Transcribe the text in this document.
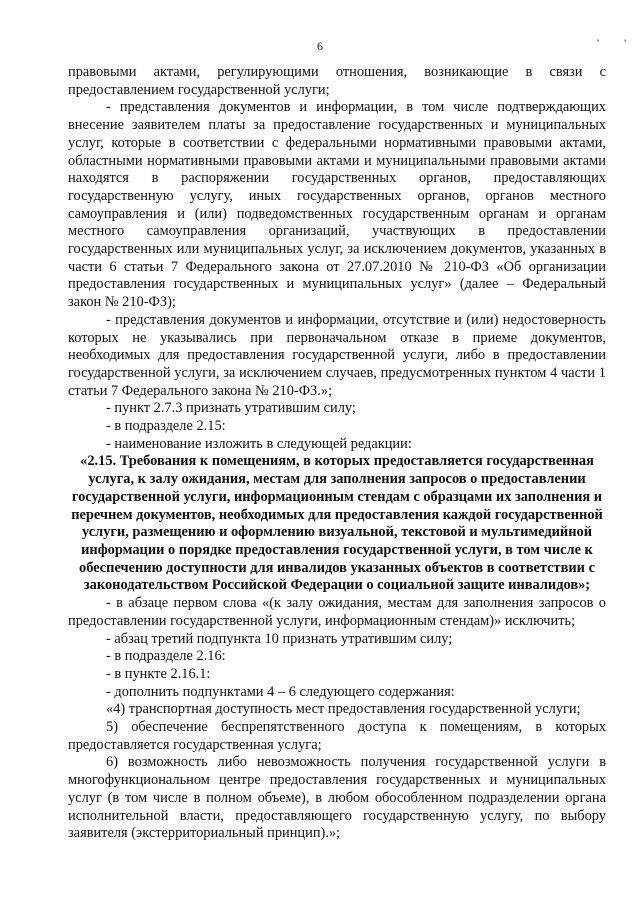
6	' '

правовыми актами, регулирующими отношения, возникающие в связи с предоставлением государственной услуги;

- представления документов и информации, в том числе подтверждающих внесение заявителем платы за предоставление государственных и муниципальных услуг, которые в соответствии с федеральными нормативными правовыми актами, областными нормативными правовыми актами и муниципальными правовыми актами находятся в распоряжении государственных органов, предоставляющих государственную услугу, иных государственных органов, органов местного самоуправления и (или) подведомственных государственным органам и органам местного самоуправления организаций, участвующих в предоставлении государственных или муниципальных услуг, за исключением документов, указанных в части 6 статьи 7 Федерального закона от 27.07.2010 № 210-ФЗ «Об организации предоставления государственных и муниципальных услуг» (далее – Федеральный закон № 210-ФЗ);

- представления документов и информации, отсутствие и (или) недостоверность которых не указывались при первоначальном отказе в приеме документов, необходимых для предоставления государственной услуги, либо в предоставлении государственной услуги, за исключением случаев, предусмотренных пунктом 4 части 1 статьи 7 Федерального закона № 210-ФЗ.»;

- пункт 2.7.3 признать утратившим силу;

- в подразделе 2.15:

- наименование изложить в следующей редакции:

«2.15. Требования к помещениям, в которых предоставляется государственная услуга, к залу ожидания, местам для заполнения запросов о предоставлении государственной услуги, информационным стендам с образцами их заполнения и перечнем документов, необходимых для предоставления каждой государственной услуги, размещению и оформлению визуальной, текстовой и мультимедийной информации о порядке предоставления государственной услуги, в том числе к обеспечению доступности для инвалидов указанных объектов в соответствии с законодательством Российской Федерации о социальной защите инвалидов»;

- в абзаце первом слова «(к залу ожидания, местам для заполнения запросов о предоставлении государственной услуги, информационным стендам)» исключить;

- абзац третий подпункта 10 признать утратившим силу;

- в подразделе 2.16:

- в пункте 2.16.1:

- дополнить подпунктами 4 – 6 следующего содержания:

«4) транспортная доступность мест предоставления государственной услуги;

5) обеспечение беспрепятственного доступа к помещениям, в которых предоставляется государственная услуга;

6) возможность либо невозможность получения государственной услуги в многофункциональном центре предоставления государственных и муниципальных услуг (в том числе в полном объеме), в любом обособленном подразделении органа исполнительной власти, предоставляющего государственную услугу, по выбору заявителя (экстерриториальный принцип).»;
